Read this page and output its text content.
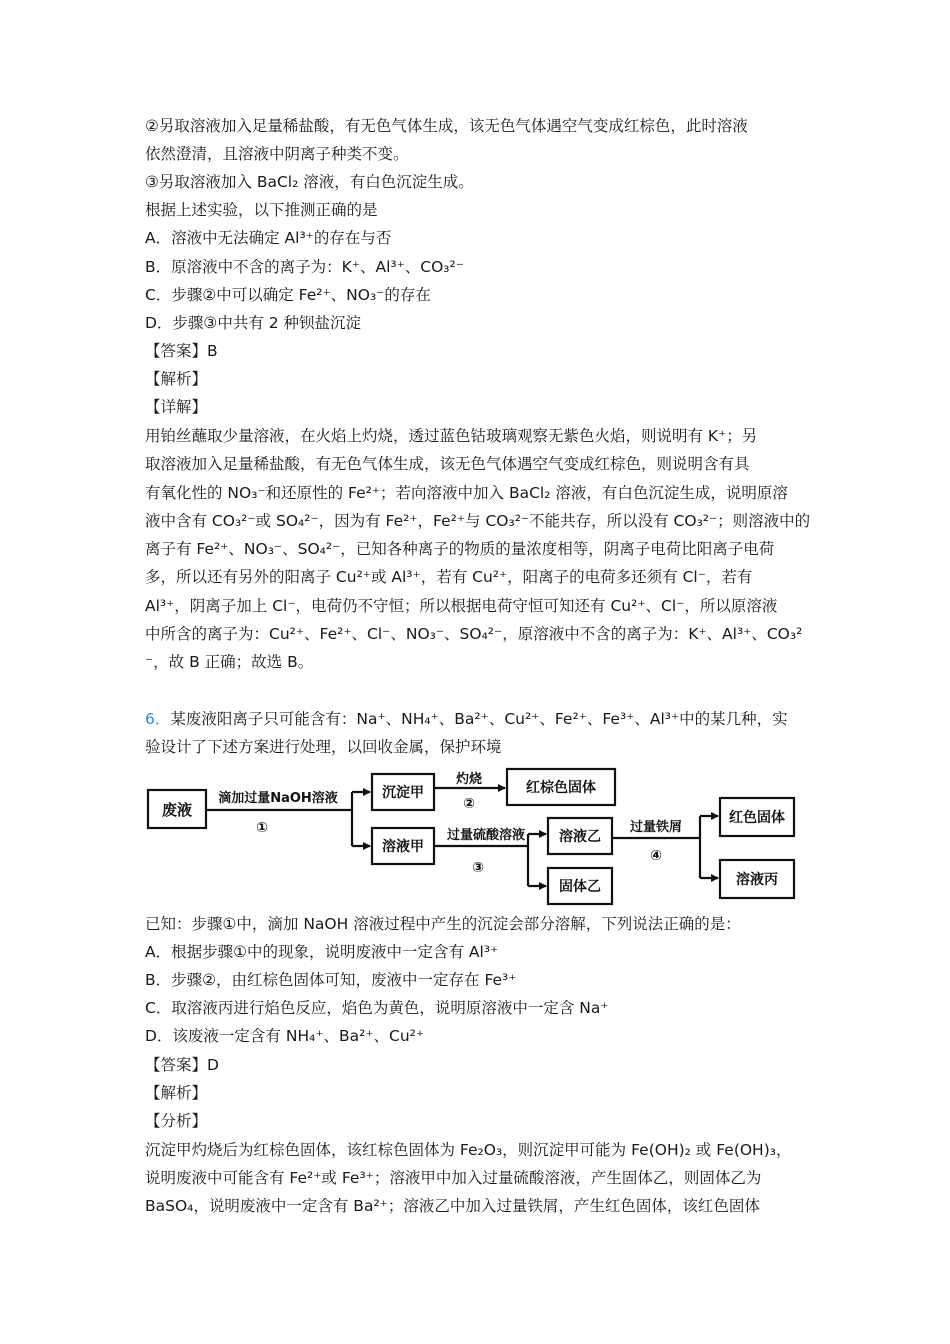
②另取溶液加入足量稀盐酸，有无色气体生成，该无色气体遇空气变成红棕色，此时溶液
依然澄清，且溶液中阴离子种类不变。
③另取溶液加入 BaCl₂ 溶液，有白色沉淀生成。
根据上述实验，以下推测正确的是
A．溶液中无法确定 Al³⁺的存在与否
B．原溶液中不含的离子为：K⁺、Al³⁺、CO₃²⁻
C．步骤②中可以确定 Fe²⁺、NO₃⁻的存在
D．步骤③中共有 2 种钡盐沉淀
【答案】B
【解析】
【详解】
用铂丝蘸取少量溶液，在火焰上灼烧，透过蓝色钴玻璃观察无紫色火焰，则说明有 K⁺；另
取溶液加入足量稀盐酸，有无色气体生成，该无色气体遇空气变成红棕色，则说明含有具
有氧化性的 NO₃⁻和还原性的 Fe²⁺；若向溶液中加入 BaCl₂ 溶液，有白色沉淀生成，说明原溶
液中含有 CO₃²⁻或 SO₄²⁻，因为有 Fe²⁺，Fe²⁺与 CO₃²⁻不能共存，所以没有 CO₃²⁻；则溶液中的
离子有 Fe²⁺、NO₃⁻、SO₄²⁻，已知各种离子的物质的量浓度相等，阴离子电荷比阳离子电荷
多，所以还有另外的阳离子 Cu²⁺或 Al³⁺，若有 Cu²⁺，阳离子的电荷多还须有 Cl⁻，若有
Al³⁺，阴离子加上 Cl⁻，电荷仍不守恒；所以根据电荷守恒可知还有 Cu²⁺、Cl⁻，所以原溶液
中所含的离子为：Cu²⁺、Fe²⁺、Cl⁻、NO₃⁻、SO₄²⁻，原溶液中不含的离子为：K⁺、Al³⁺、CO₃²
⁻，故 B 正确；故选 B。
6．某废液阳离子只可能含有：Na⁺、NH₄⁺、Ba²⁺、Cu²⁺、Fe²⁺、Fe³⁺、Al³⁺中的某几种，实
验设计了下述方案进行处理，以回收金属，保护环境
废液
滴加过量NaOH溶液
①
沉淀甲
灼烧
②
红棕色固体
溶液甲
过量硫酸溶液
③
溶液乙
固体乙
过量铁屑
④
红色固体
溶液丙
已知：步骤①中，滴加 NaOH 溶液过程中产生的沉淀会部分溶解，下列说法正确的是：
A．根据步骤①中的现象，说明废液中一定含有 Al³⁺
B．步骤②，由红棕色固体可知，废液中一定存在 Fe³⁺
C．取溶液丙进行焰色反应，焰色为黄色，说明原溶液中一定含 Na⁺
D．该废液一定含有 NH₄⁺、Ba²⁺、Cu²⁺
【答案】D
【解析】
【分析】
沉淀甲灼烧后为红棕色固体，该红棕色固体为 Fe₂O₃，则沉淀甲可能为 Fe(OH)₂ 或 Fe(OH)₃，
说明废液中可能含有 Fe²⁺或 Fe³⁺；溶液甲中加入过量硫酸溶液，产生固体乙，则固体乙为
BaSO₄，说明废液中一定含有 Ba²⁺；溶液乙中加入过量铁屑，产生红色固体，该红色固体
